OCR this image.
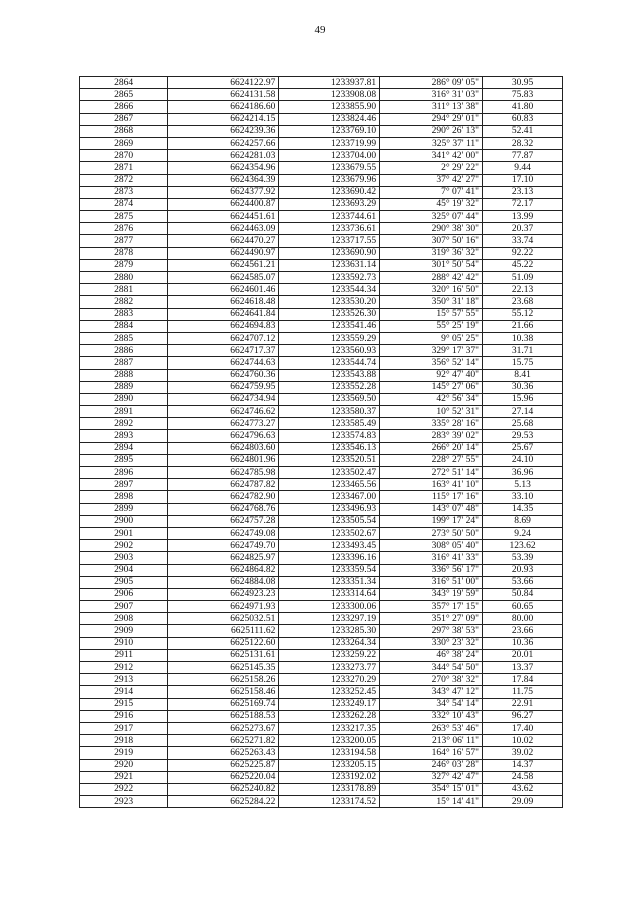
49
2864	6624122.97	1233937.81	286° 09' 05"	30.95
2865	6624131.58	1233908.08	316° 31' 03"	75.83
2866	6624186.60	1233855.90	311° 13' 38"	41.80
2867	6624214.15	1233824.46	294° 29' 01"	60.83
2868	6624239.36	1233769.10	290° 26' 13"	52.41
2869	6624257.66	1233719.99	325° 37' 11"	28.32
2870	6624281.03	1233704.00	341° 42' 00"	77.87
2871	6624354.96	1233679.55	2° 29' 22"	9.44
2872	6624364.39	1233679.96	37° 42' 27"	17.10
2873	6624377.92	1233690.42	7° 07' 41"	23.13
2874	6624400.87	1233693.29	45° 19' 32"	72.17
2875	6624451.61	1233744.61	325° 07' 44"	13.99
2876	6624463.09	1233736.61	290° 38' 30"	20.37
2877	6624470.27	1233717.55	307° 50' 16"	33.74
2878	6624490.97	1233690.90	319° 36' 32"	92.22
2879	6624561.21	1233631.14	301° 50' 54"	45.22
2880	6624585.07	1233592.73	288° 42' 42"	51.09
2881	6624601.46	1233544.34	320° 16' 50"	22.13
2882	6624618.48	1233530.20	350° 31' 18"	23.68
2883	6624641.84	1233526.30	15° 57' 55"	55.12
2884	6624694.83	1233541.46	55° 25' 19"	21.66
2885	6624707.12	1233559.29	9° 05' 25"	10.38
2886	6624717.37	1233560.93	329° 17' 37"	31.71
2887	6624744.63	1233544.74	356° 52' 14"	15.75
2888	6624760.36	1233543.88	92° 47' 40"	8.41
2889	6624759.95	1233552.28	145° 27' 06"	30.36
2890	6624734.94	1233569.50	42° 56' 34"	15.96
2891	6624746.62	1233580.37	10° 52' 31"	27.14
2892	6624773.27	1233585.49	335° 28' 16"	25.68
2893	6624796.63	1233574.83	283° 39' 02"	29.53
2894	6624803.60	1233546.13	266° 20' 14"	25.67
2895	6624801.96	1233520.51	228° 27' 55"	24.10
2896	6624785.98	1233502.47	272° 51' 14"	36.96
2897	6624787.82	1233465.56	163° 41' 10"	5.13
2898	6624782.90	1233467.00	115° 17' 16"	33.10
2899	6624768.76	1233496.93	143° 07' 48"	14.35
2900	6624757.28	1233505.54	199° 17' 24"	8.69
2901	6624749.08	1233502.67	273° 50' 50"	9.24
2902	6624749.70	1233493.45	308° 05' 40"	123.62
2903	6624825.97	1233396.16	316° 41' 33"	53.39
2904	6624864.82	1233359.54	336° 56' 17"	20.93
2905	6624884.08	1233351.34	316° 51' 00"	53.66
2906	6624923.23	1233314.64	343° 19' 59"	50.84
2907	6624971.93	1233300.06	357° 17' 15"	60.65
2908	6625032.51	1233297.19	351° 27' 09"	80.00
2909	6625111.62	1233285.30	297° 38' 53"	23.66
2910	6625122.60	1233264.34	330° 23' 32"	10.36
2911	6625131.61	1233259.22	46° 38' 24"	20.01
2912	6625145.35	1233273.77	344° 54' 50"	13.37
2913	6625158.26	1233270.29	270° 38' 32"	17.84
2914	6625158.46	1233252.45	343° 47' 12"	11.75
2915	6625169.74	1233249.17	34° 54' 14"	22.91
2916	6625188.53	1233262.28	332° 10' 43"	96.27
2917	6625273.67	1233217.35	263° 53' 46"	17.40
2918	6625271.82	1233200.05	213° 06' 11"	10.02
2919	6625263.43	1233194.58	164° 16' 57"	39.02
2920	6625225.87	1233205.15	246° 03' 28"	14.37
2921	6625220.04	1233192.02	327° 42' 47"	24.58
2922	6625240.82	1233178.89	354° 15' 01"	43.62
2923	6625284.22	1233174.52	15° 14' 41"	29.09
